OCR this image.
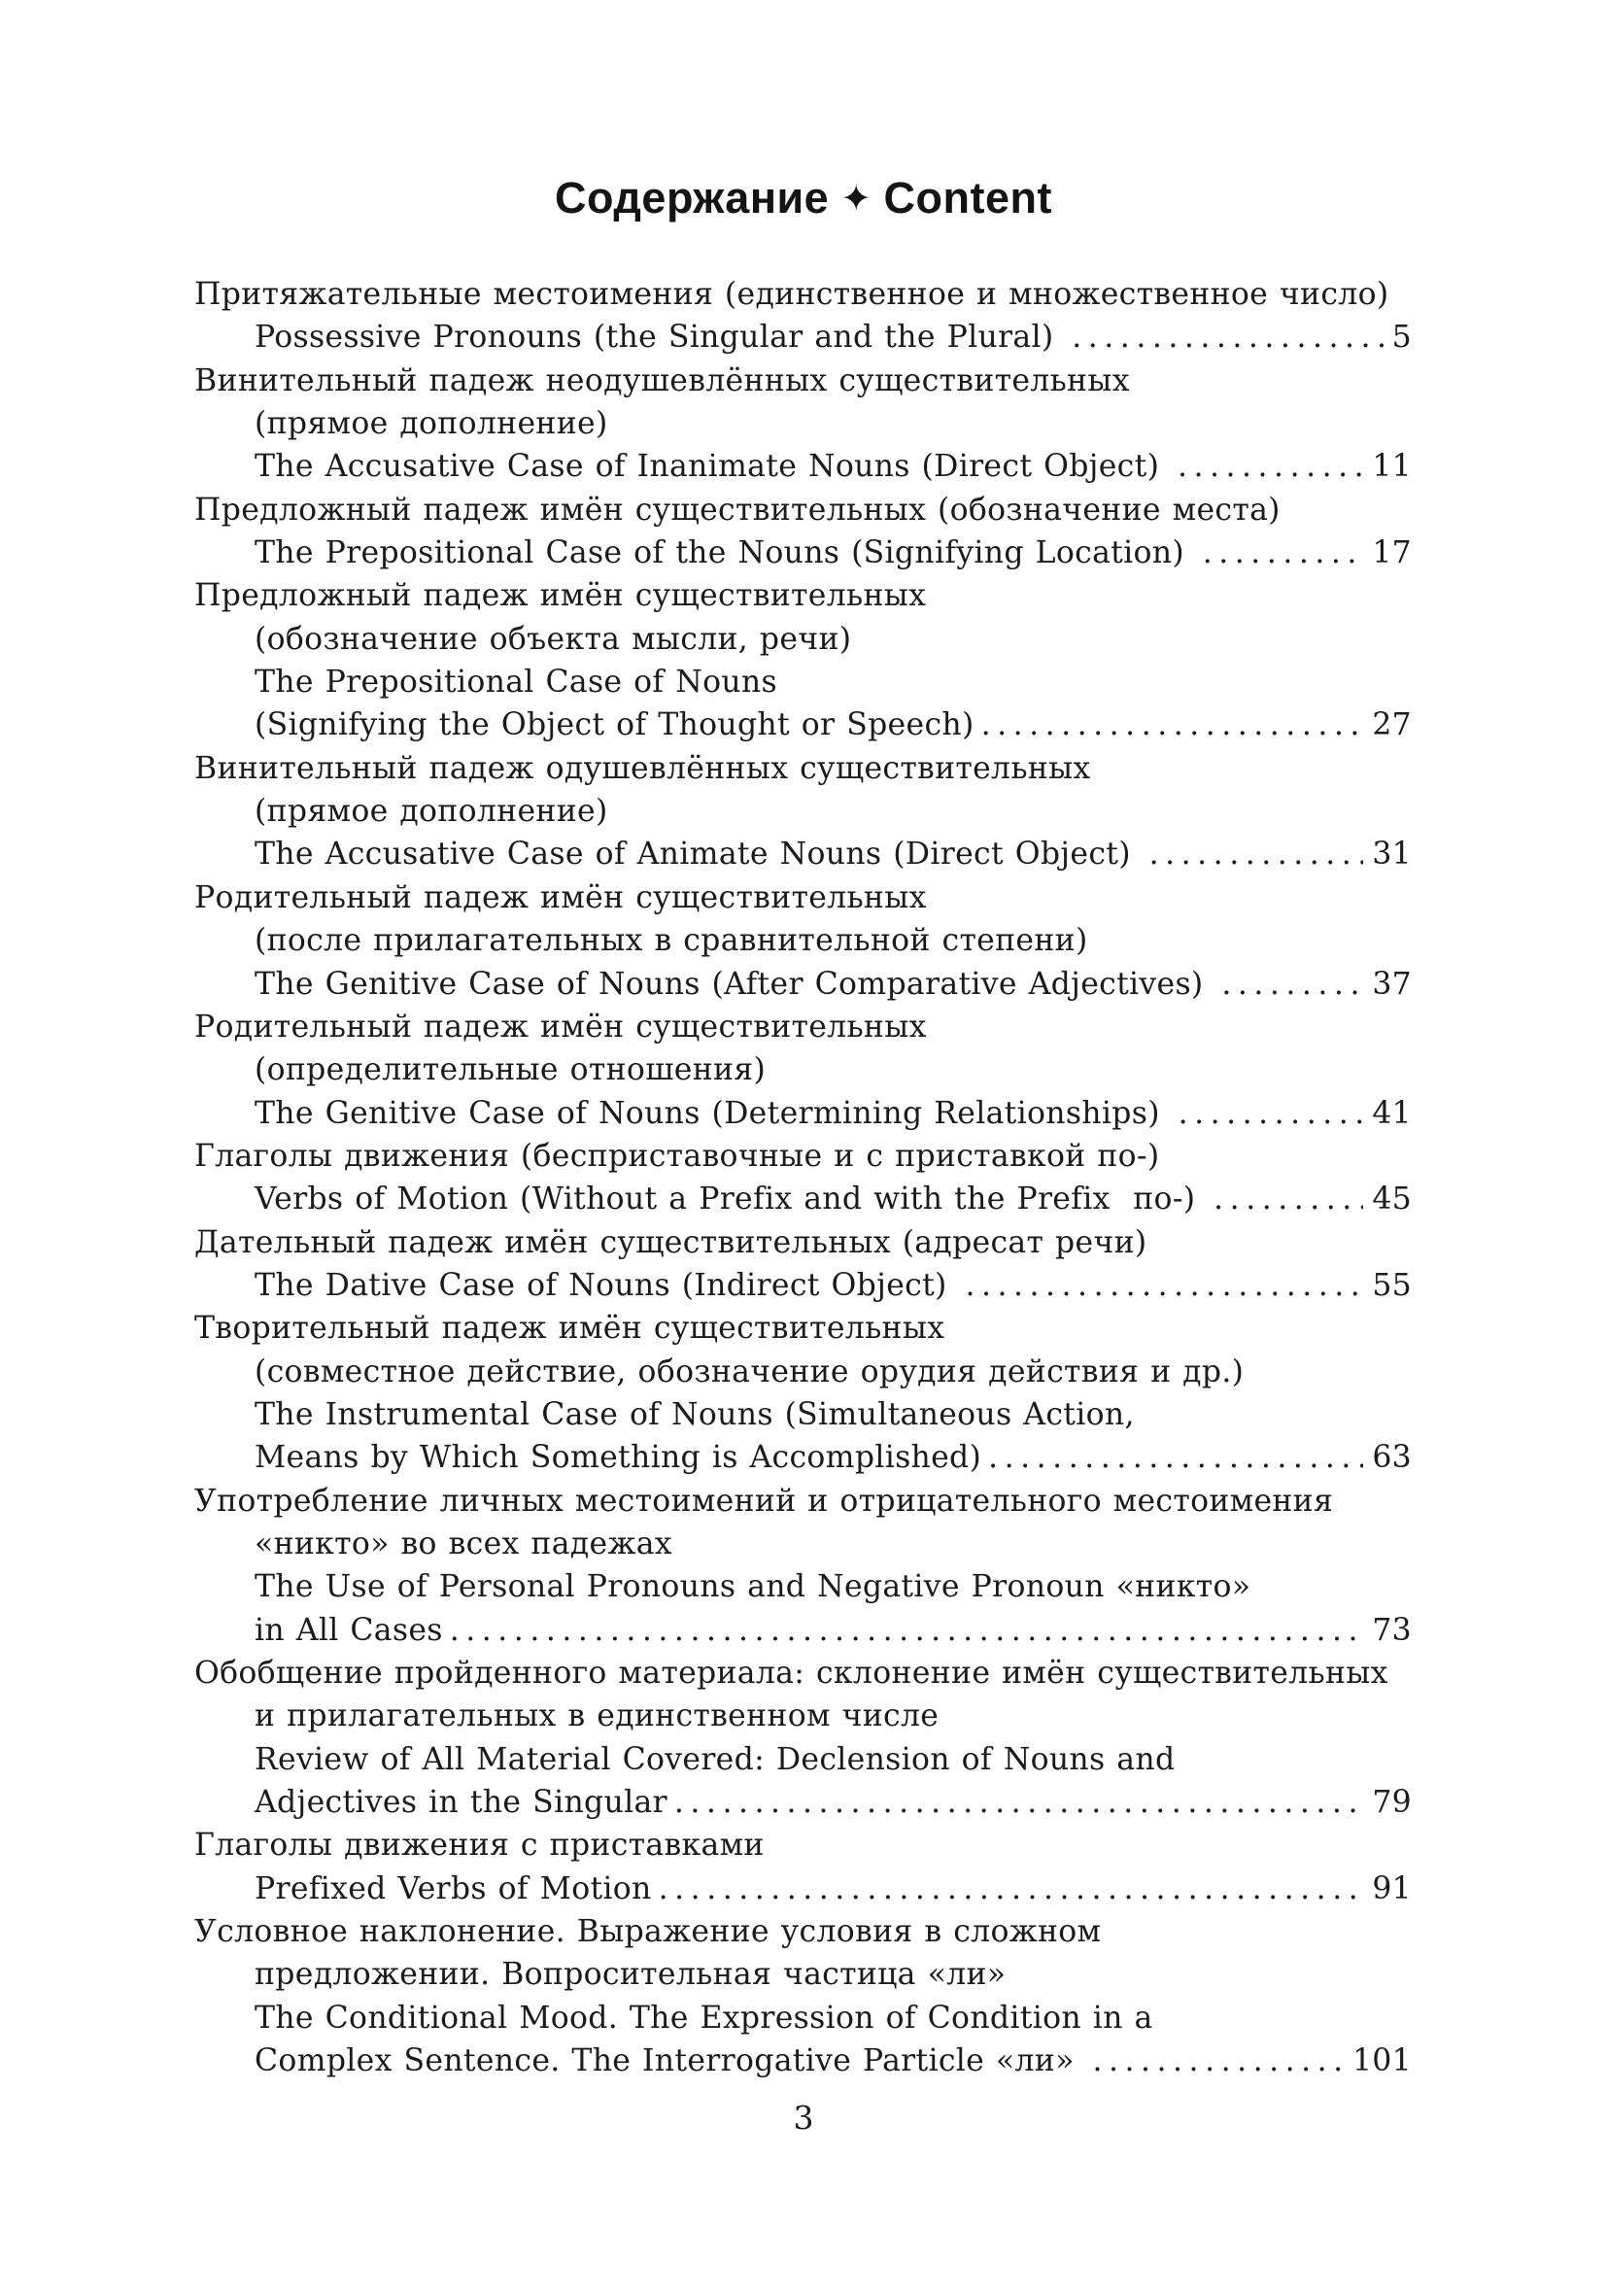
Содержание ✦ Content
Притяжательные местоимения (единственное и множественное число)
Possessive Pronouns (the Singular and the Plural) .....	5
Винительный падеж неодушевлённых существительных
(прямое дополнение)
The Accusative Case of Inanimate Nouns (Direct Object) .....	11
Предложный падеж имён существительных (обозначение места)
The Prepositional Case of the Nouns (Signifying Location) .....	17
Предложный падеж имён существительных
(обозначение объекта мысли, речи)
The Prepositional Case of Nouns
(Signifying the Object of Thought or Speech) .....	27
Винительный падеж одушевлённых существительных
(прямое дополнение)
The Accusative Case of Animate Nouns (Direct Object) .....	31
Родительный падеж имён существительных
(после прилагательных в сравнительной степени)
The Genitive Case of Nouns (After Comparative Adjectives) .....	37
Родительный падеж имён существительных
(определительные отношения)
The Genitive Case of Nouns (Determining Relationships) .....	41
Глаголы движения (бесприставочные и с приставкой по-)
Verbs of Motion (Without a Prefix and with the Prefix  по-) .....	45
Дательный падеж имён существительных (адресат речи)
The Dative Case of Nouns (Indirect Object) .....	55
Творительный падеж имён существительных
(совместное действие, обозначение орудия действия и др.)
The Instrumental Case of Nouns (Simultaneous Action,
Means by Which Something is Accomplished) .....	63
Употребление личных местоимений и отрицательного местоимения
«никто» во всех падежах
The Use of Personal Pronouns and Negative Pronoun «никто»
in All Cases .....	73
Обобщение пройденного материала: склонение имён существительных
и прилагательных в единственном числе
Review of All Material Covered: Declension of Nouns and
Adjectives in the Singular .....	79
Глаголы движения с приставками
Prefixed Verbs of Motion .....	91
Условное наклонение. Выражение условия в сложном
предложении. Вопросительная частица «ли»
The Conditional Mood. The Expression of Condition in a
Complex Sentence. The Interrogative Particle «ли» .....	101
3
